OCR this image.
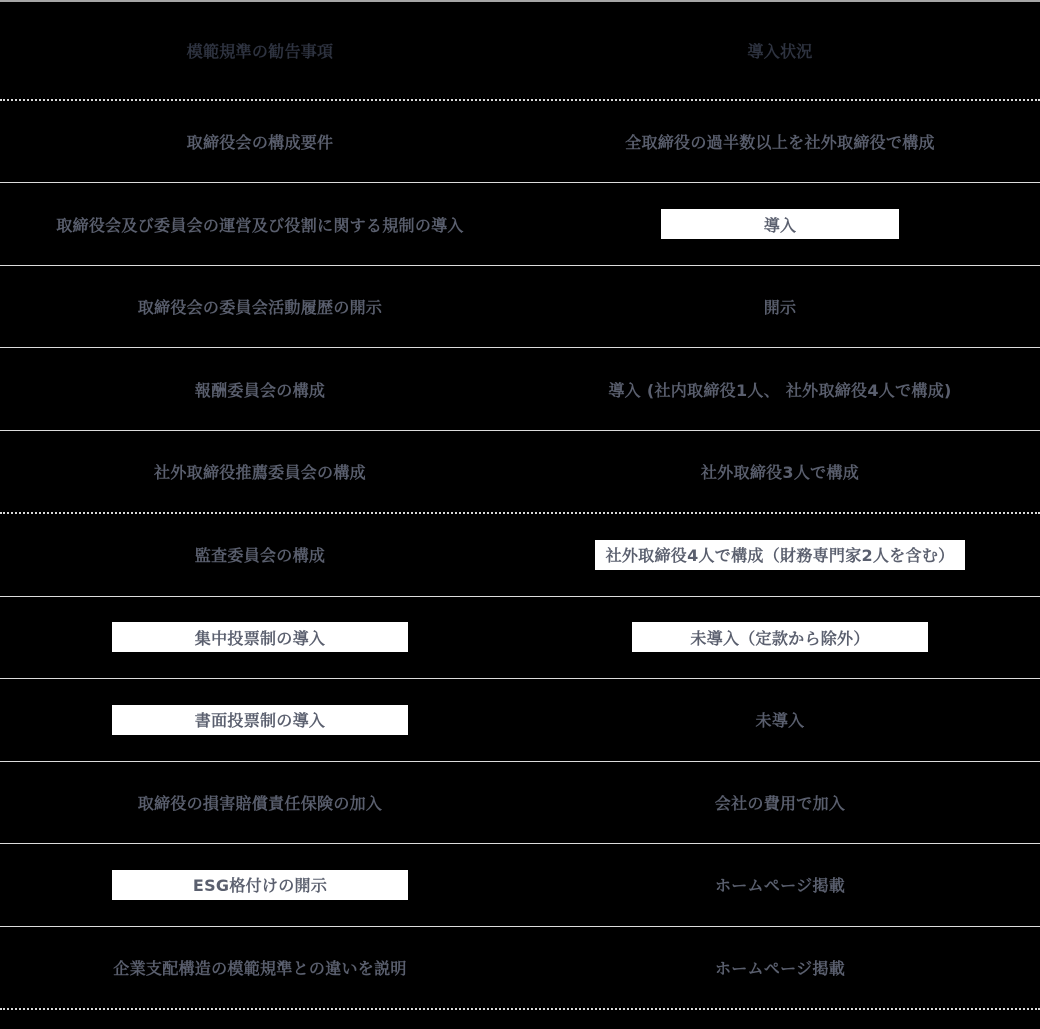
模範規準の勧告事項	導入状況
取締役会の構成要件	全取締役の過半数以上を社外取締役で構成
取締役会及び委員会の運営及び役割に関する規制の導入	導入
取締役会の委員会活動履歴の開示	開示
報酬委員会の構成	導入 (社内取締役1人、 社外取締役4人で構成)
社外取締役推薦委員会の構成	社外取締役3人で構成
監査委員会の構成	社外取締役4人で構成（財務専門家2人を含む）
集中投票制の導入	未導入（定款から除外）
書面投票制の導入	未導入
取締役の損害賠償責任保険の加入	会社の費用で加入
ESG格付けの開示	ホームページ掲載
企業支配構造の模範規準との違いを説明	ホームページ掲載
